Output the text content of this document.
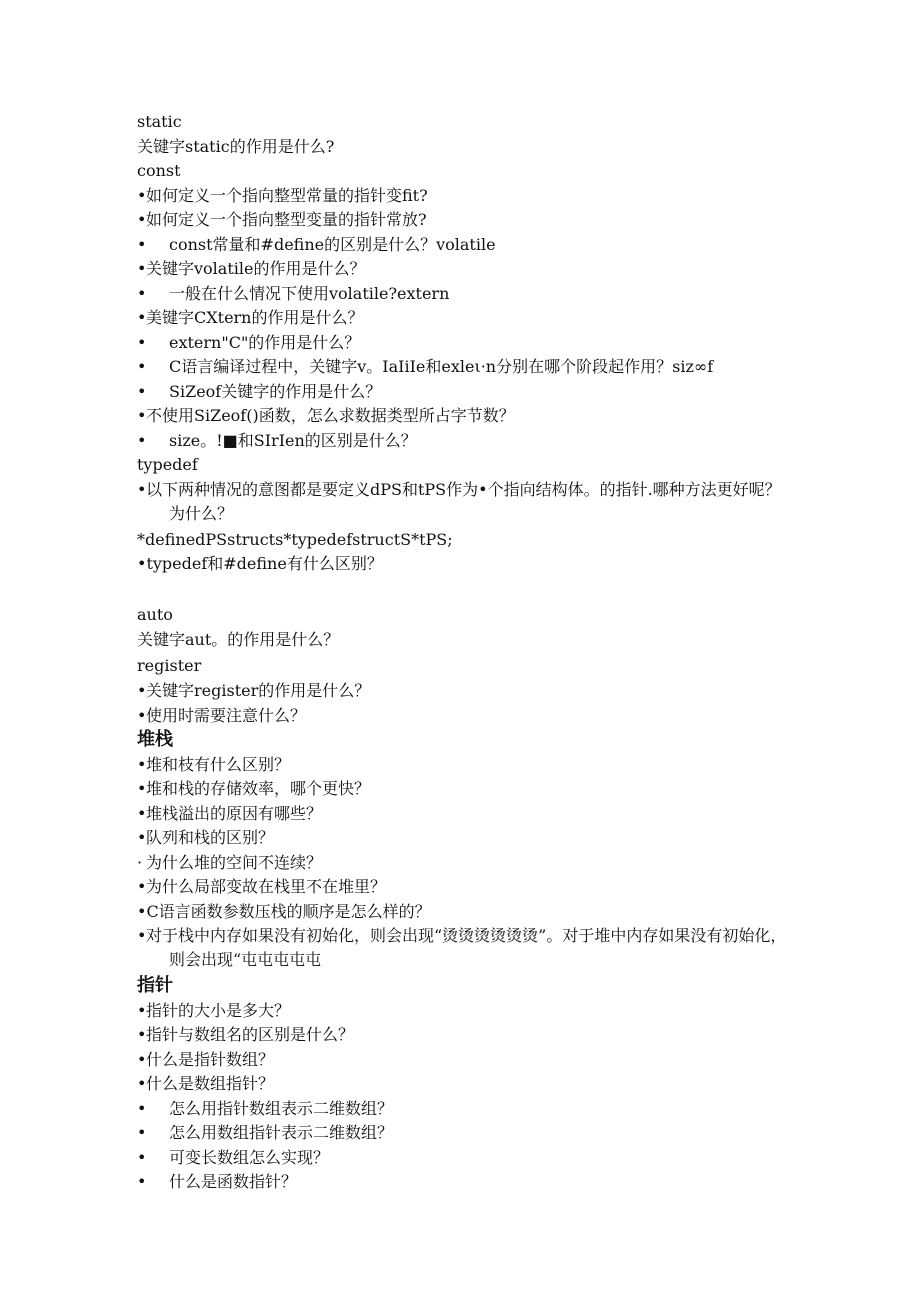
static
关键字static的作用是什么?
const
•如何定义一个指向整型常量的指针变fit?
•如何定义一个指向整型变量的指针常放?
• const常量和#define的区别是什么？volatile
•关键字volatile的作用是什么？
• 一般在什么情况下使用volatile?extern
•美键字CXtern的作用是什么？
• extern"C"的作用是什么？
• C语言编译过程中，关键字v。IaIiIe和exleι·n分别在哪个阶段起作用？siz∞f
• SiZeof关键字的作用是什么？
•不使用SiZeof()函数，怎么求数据类型所占字节数？
• size。!■和SIrIen的区别是什么？
typedef
•以下两种情况的意图都是要定义dPS和tPS作为•个指向结构体。的指针.哪种方法更好呢？为什么？
*definedPSstructs*typedefstructS*tPS;
•typedef和#define有什么区别？
auto
关键字aut。的作用是什么？
register
•关键字register的作用是什么？
•使用时需要注意什么？
堆栈
•堆和枝有什么区别？
•堆和栈的存储效率，哪个更快？
•堆栈溢出的原因有哪些？
•队列和栈的区别？
· 为什么堆的空间不连续？
•为什么局部变故在栈里不在堆里？
•C语言函数参数压栈的顺序是怎么样的？
•对于栈中内存如果没有初始化，则会出现“烫烫烫烫烫烫”。对于堆中内存如果没有初始化，则会出现“屯屯屯屯屯
指针
•指针的大小是多大？
•指针与数组名的区别是什么？
•什么是指针数组？
•什么是数组指针？
• 怎么用指针数组表示二维数组？
• 怎么用数组指针表示二维数组？
• 可变长数组怎么实现？
• 什么是函数指针？
